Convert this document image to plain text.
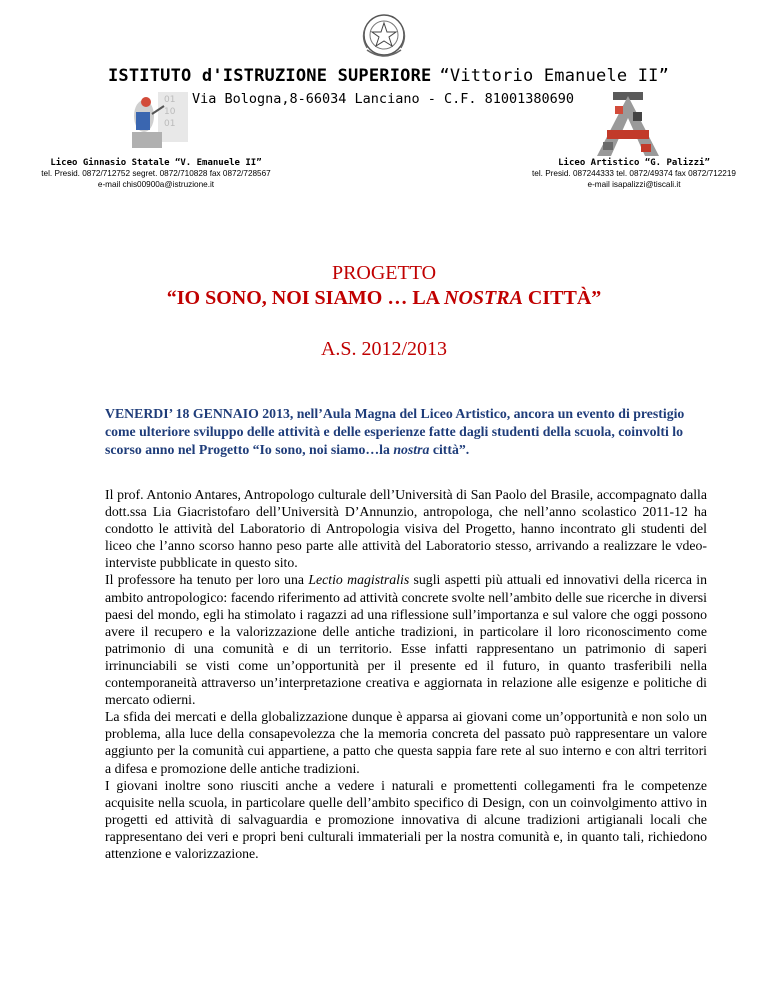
ISTITUTO d'ISTRUZIONE SUPERIORE “Vittorio Emanuele II”
Via Bologna,8-66034 Lanciano - C.F. 81001380690
01
10
01
Liceo Ginnasio Statale “V. Emanuele II”
tel. Presid. 0872/712752 segret. 0872/710828 fax 0872/728567
e-mail chis00900a@istruzione.it
Liceo Artistico “G. Palizzi”
tel. Presid. 087244333 tel. 0872/49374 fax 0872/712219
e-mail isapalizzi@tiscali.it
PROGETTO
“IO SONO, NOI SIAMO … LA NOSTRA CITTÀ”
A.S. 2012/2013
VENERDI’ 18 GENNAIO 2013, nell’Aula Magna del Liceo Artistico, ancora un evento di prestigio come ulteriore sviluppo delle attività e delle esperienze fatte dagli studenti della scuola, coinvolti lo scorso anno nel Progetto “Io sono, noi siamo…la nostra città”.

Il prof. Antonio Antares, Antropologo culturale dell’Università di San Paolo del Brasile, accompagnato dalla dott.ssa Lia Giacristofaro dell’Università D’Annunzio, antropologa, che nell’anno scolastico 2011-12 ha condotto le attività del Laboratorio di Antropologia visiva del Progetto, hanno incontrato gli studenti del liceo che l’anno scorso hanno peso parte alle attività del Laboratorio stesso, arrivando a realizzare le vdeo-interviste pubblicate in questo sito.

Il professore ha tenuto per loro una Lectio magistralis sugli aspetti più attuali ed innovativi della ricerca in ambito antropologico: facendo riferimento ad attività concrete svolte nell’ambito delle sue ricerche in diversi paesi del mondo, egli ha stimolato i ragazzi ad una riflessione sull’importanza e sul valore che oggi possono avere il recupero e la valorizzazione delle antiche tradizioni, in particolare il loro riconoscimento come patrimonio di una comunità e di un territorio. Esse infatti rappresentano un patrimonio di saperi irrinunciabili se visti come un’opportunità per il presente ed il futuro, in quanto trasferibili nella contemporaneità attraverso un’interpretazione creativa e aggiornata in relazione alle esigenze e politiche di mercato odierni.

La sfida dei mercati e della globalizzazione dunque è apparsa ai giovani come un’opportunità e non solo un problema, alla luce della consapevolezza che la memoria concreta del passato può rappresentare un valore aggiunto per la comunità cui appartiene, a patto che questa sappia fare rete al suo interno e con altri territori a difesa e promozione delle antiche tradizioni.

I giovani inoltre sono riusciti anche a vedere i naturali e promettenti collegamenti fra le competenze acquisite nella scuola, in particolare quelle dell’ambito specifico di Design, con un coinvolgimento attivo in progetti ed attività di salvaguardia e promozione innovativa di alcune tradizioni artigianali locali che rappresentano dei veri e propri beni culturali immateriali per la nostra comunità e, in quanto tali, richiedono attenzione e valorizzazione.
